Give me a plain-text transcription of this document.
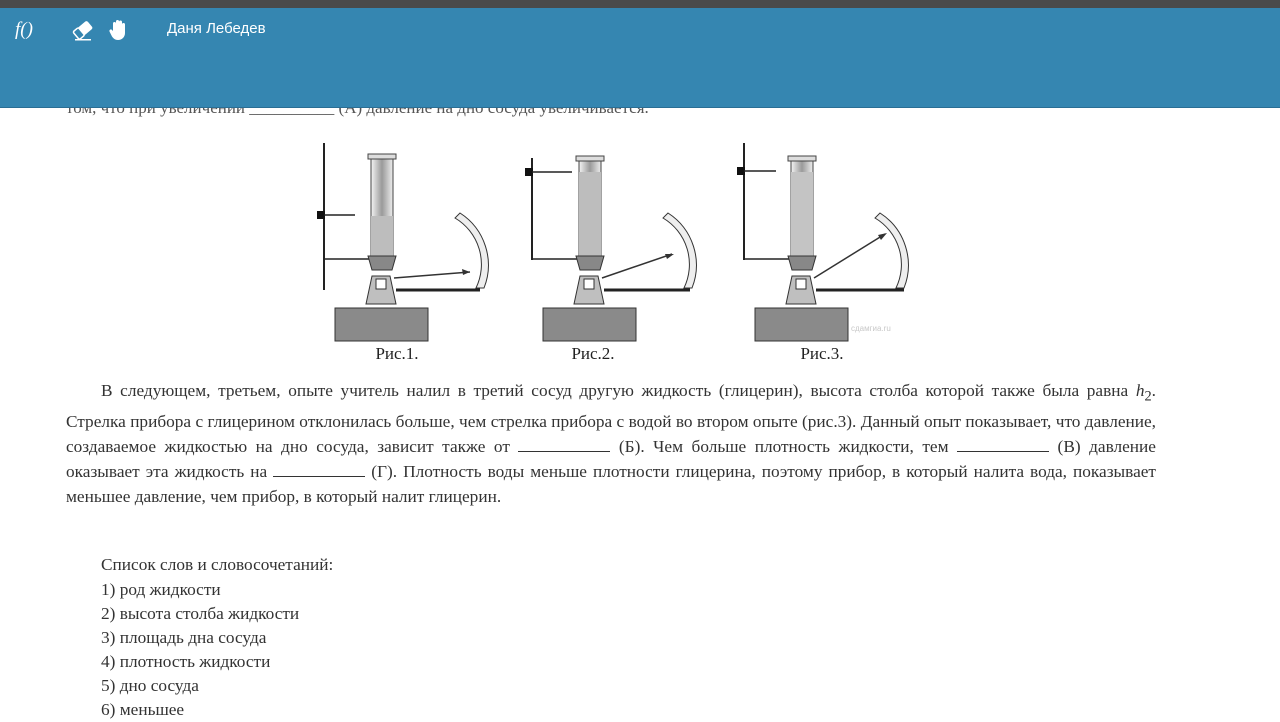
f()	Даня Лебедев
сдамгиа.ru
Рис.1.	Рис.2.	Рис.3.

В следующем, третьем, опыте учитель налил в третий сосуд другую жидкость (глицерин), высота столба которой также была равна $h_2$. Стрелка прибора с глицерином отклонилась больше, чем стрелка прибора с водой во втором опыте (рис.3). Данный опыт показывает, что давление, создаваемое жидкостью на дно сосуда, зависит также от	(Б). Чем больше плотность жидкости, тем	(В) давление оказывает эта жидкость на	(Г). Плотность воды меньше плотности глицерина, поэтому прибор, в который налита вода, показывает меньшее давление, чем прибор, в который налит глицерин.

Список слов и словосочетаний:
1) род жидкости
2) высота столба жидкости
3) площадь дна сосуда
4) плотность жидкости
5) дно сосуда
6) меньшее
